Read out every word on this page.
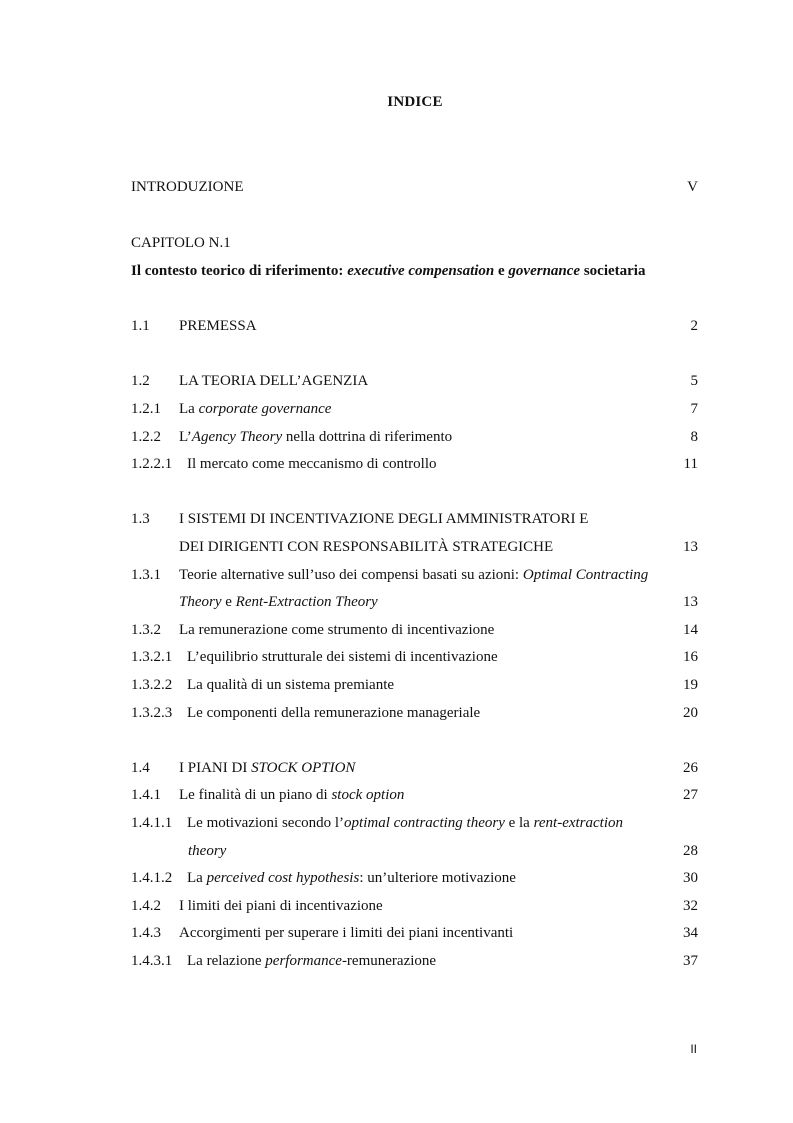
INDICE
INTRODUZIONE	V
CAPITOLO N.1
Il contesto teorico di riferimento: executive compensation e governance societaria
1.1 PREMESSA	2
1.2 LA TEORIA DELL’AGENZIA	5
1.2.1 La corporate governance	7
1.2.2 L’Agency Theory nella dottrina di riferimento	8
1.2.2.1 Il mercato come meccanismo di controllo	11
1.3 I SISTEMI DI INCENTIVAZIONE DEGLI AMMINISTRATORI E
DEI DIRIGENTI CON RESPONSABILITÀ STRATEGICHE	13
1.3.1 Teorie alternative sull’uso dei compensi basati su azioni: Optimal Contracting
Theory e Rent-Extraction Theory	13
1.3.2 La remunerazione come strumento di incentivazione	14
1.3.2.1 L’equilibrio strutturale dei sistemi di incentivazione	16
1.3.2.2 La qualità di un sistema premiante	19
1.3.2.3 Le componenti della remunerazione manageriale	20
1.4 I PIANI DI STOCK OPTION	26
1.4.1 Le finalità di un piano di stock option	27
1.4.1.1 Le motivazioni secondo l’optimal contracting theory e la rent-extraction
theory	28
1.4.1.2 La perceived cost hypothesis: un’ulteriore motivazione	30
1.4.2 I limiti dei piani di incentivazione	32
1.4.3 Accorgimenti per superare i limiti dei piani incentivanti	34
1.4.3.1 La relazione performance-remunerazione	37
II
